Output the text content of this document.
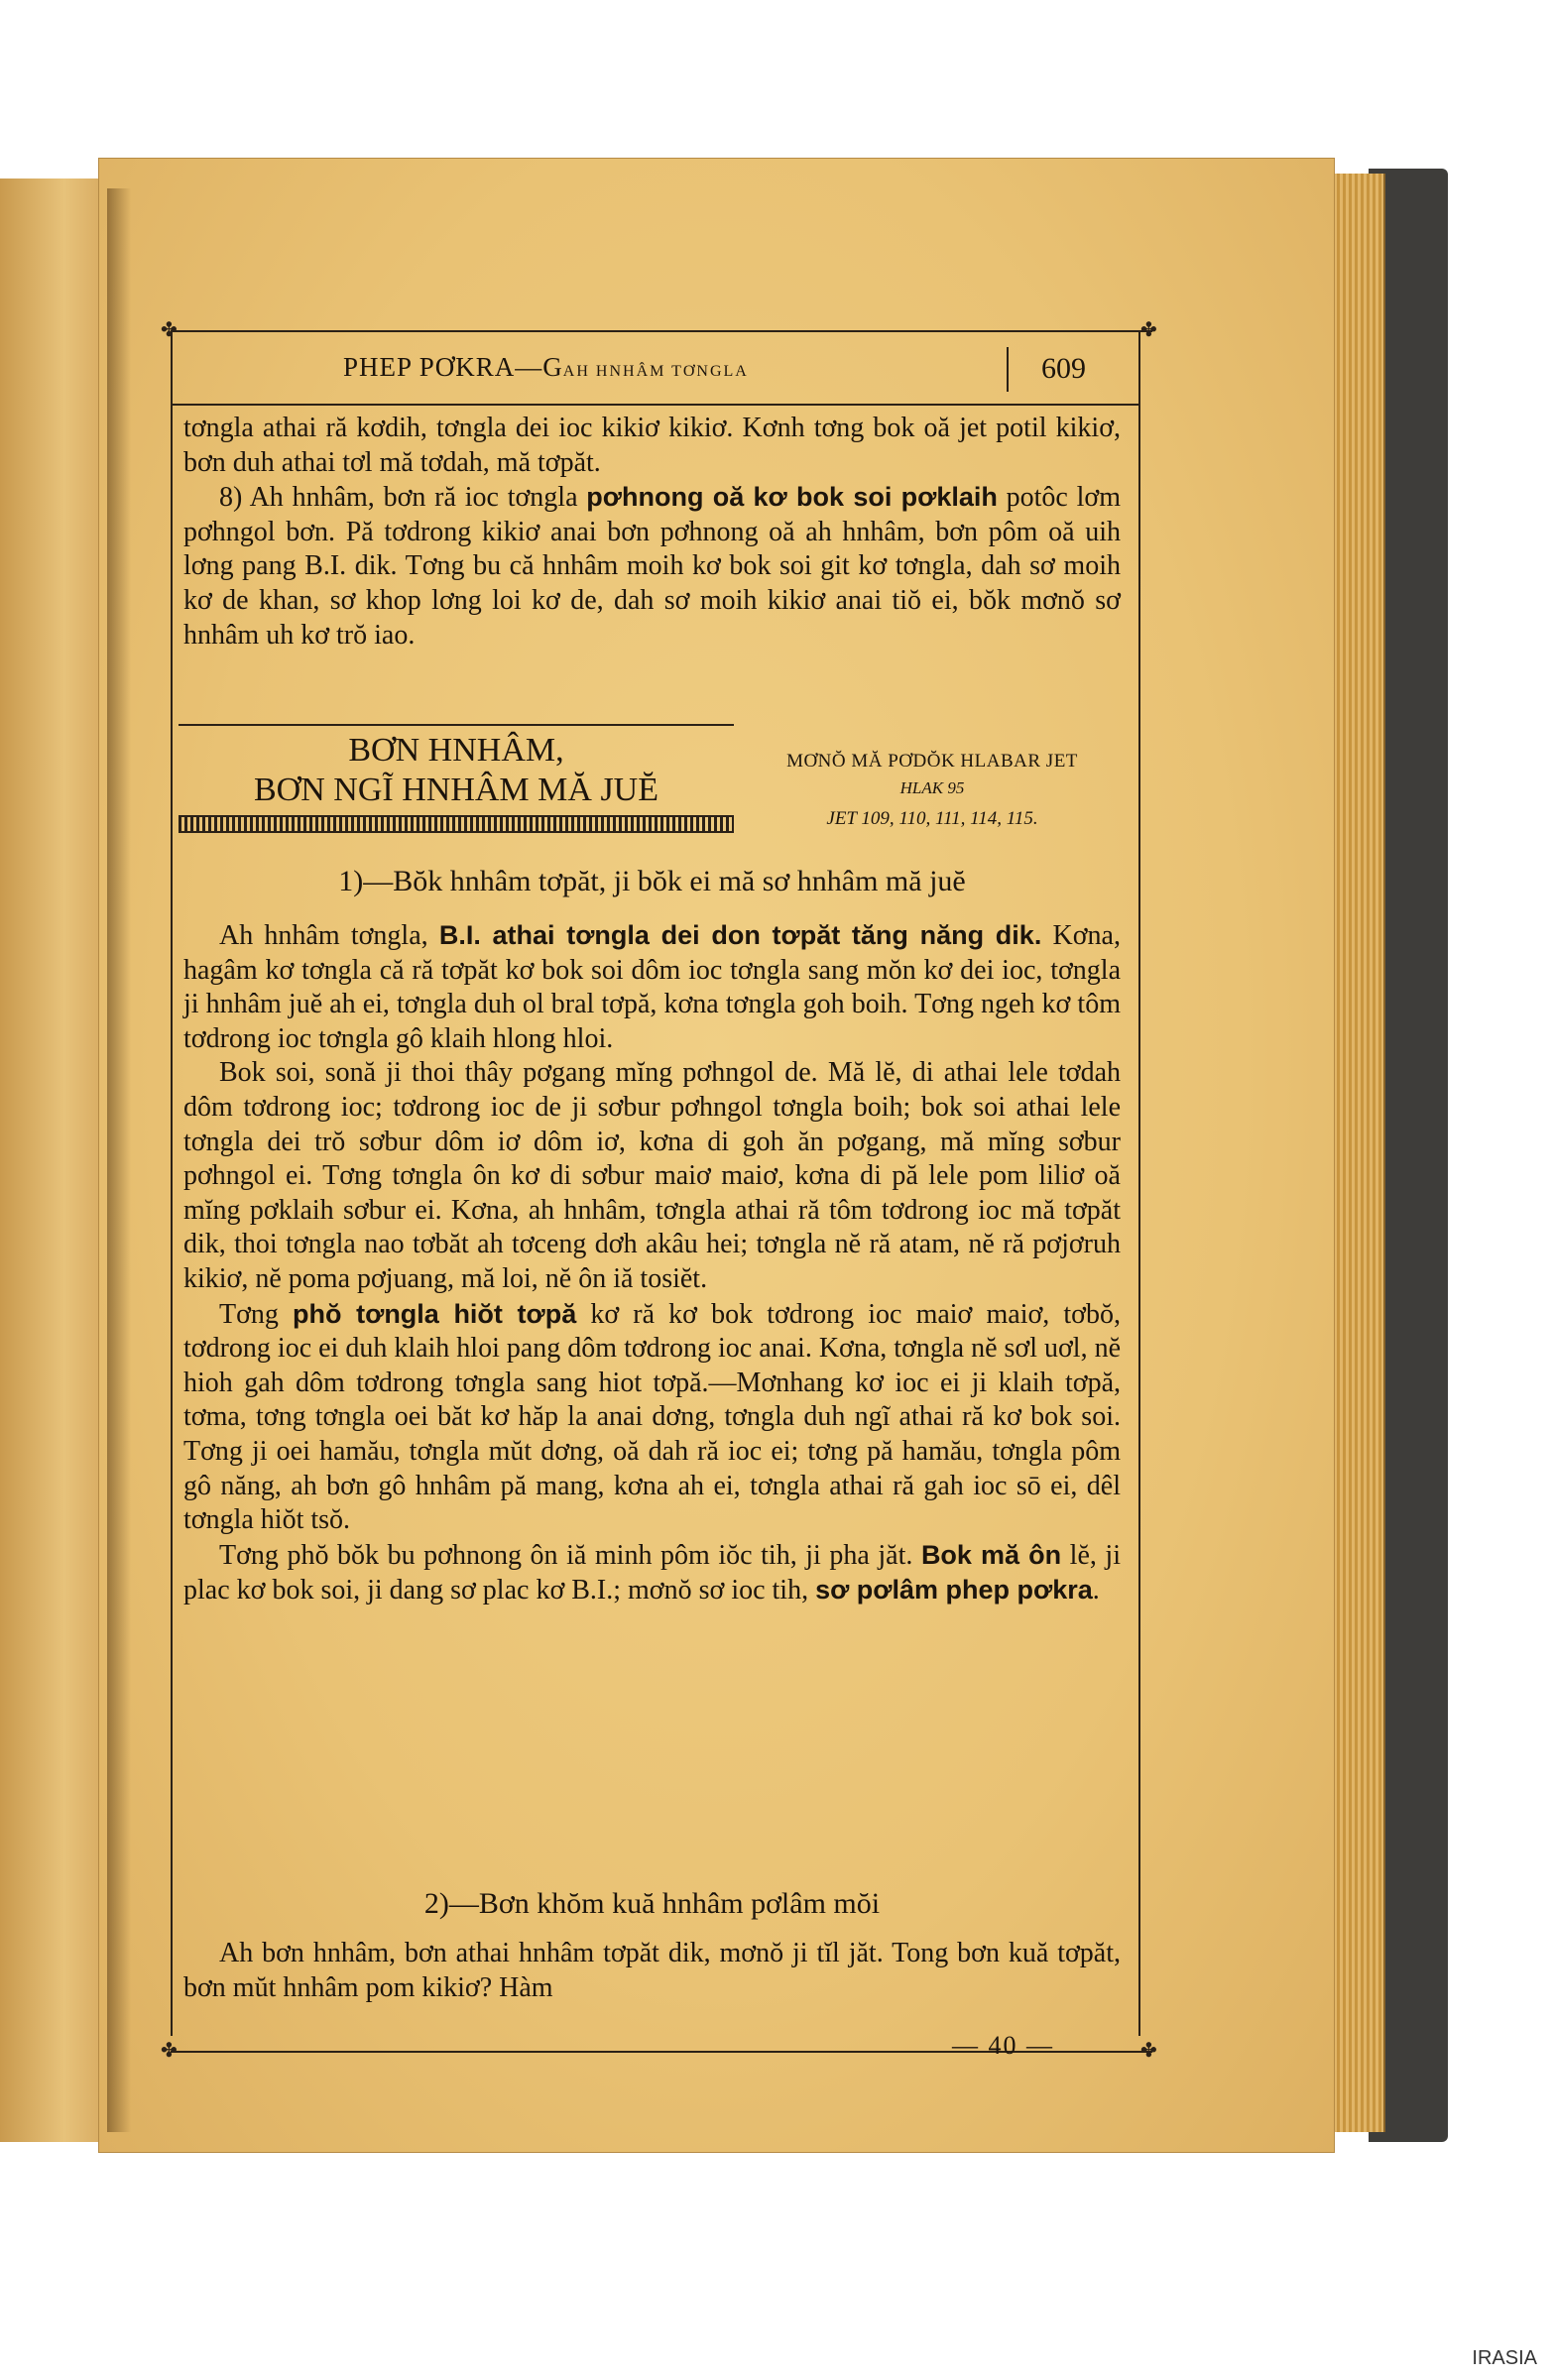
✤	✤
✤	✤
PHEP PƠKRA—GAH HNHÂM TƠNGLA	609

tơngla athai ră kơdih, tơngla dei ioc kikiơ kikiơ. Kơnh tơng bok oă jet potil kikiơ, bơn duh athai tơl mă tơdah, mă tơpăt.

8) Ah hnhâm, bơn ră ioc tơngla pơhnong oă kơ bok soi pơklaih potôc lơm pơhngol bơn. Pă tơdrong kikiơ anai bơn pơhnong oă ah hnhâm, bơn pôm oă uih lơng pang B.I. dik. Tơng bu că hnhâm moih kơ bok soi git kơ tơngla, dah sơ moih kơ de khan, sơ khop lơng loi kơ de, dah sơ moih kikiơ anai tiŏ ei, bŏk mơnŏ sơ hnhâm uh kơ trŏ iao.

BƠN HNHÂM,
BƠN NGĨ HNHÂM MĂ JUĔ
MƠNŎ MĂ PƠDŎK HLABAR JET
HLAK 95
JET 109, 110, 111, 114, 115.
1)—Bŏk hnhâm tơpăt, ji bŏk ei mă sơ hnhâm mă juĕ

Ah hnhâm tơngla, B.I. athai tơngla dei don tơpăt tăng năng dik. Kơna, hagâm kơ tơngla că ră tơpăt kơ bok soi dôm ioc tơngla sang mŏn kơ dei ioc, tơngla ji hnhâm juĕ ah ei, tơngla duh ol bral tơpă, kơna tơngla goh boih. Tơng ngeh kơ tôm tơdrong ioc tơngla gô klaih hlong hloi.

Bok soi, sonă ji thoi thây pơgang mĭng pơhngol de. Mă lĕ, di athai lele tơdah dôm tơdrong ioc; tơdrong ioc de ji sơbur pơhngol tơngla boih; bok soi athai lele tơngla dei trŏ sơbur dôm iơ dôm iơ, kơna di goh ăn pơgang, mă mĭng sơbur pơhngol ei. Tơng tơngla ôn kơ di sơbur maiơ maiơ, kơna di pă lele pom liliơ oă mĭng pơklaih sơbur ei. Kơna, ah hnhâm, tơngla athai ră tôm tơdrong ioc mă tơpăt dik, thoi tơngla nao tơbăt ah tơceng dơh akâu hei; tơngla nĕ ră atam, nĕ ră pơjơruh kikiơ, nĕ poma pơjuang, mă loi, nĕ ôn iă tosiĕt.

Tơng phŏ tơngla hiŏt tơpă kơ ră kơ bok tơdrong ioc maiơ maiơ, tơbŏ, tơdrong ioc ei duh klaih hloi pang dôm tơdrong ioc anai. Kơna, tơngla nĕ sơl uơl, nĕ hioh gah dôm tơdrong tơngla sang hiot tơpă.—Mơnhang kơ ioc ei ji klaih tơpă, tơma, tơng tơngla oei băt kơ hăp la anai dơng, tơngla duh ngĩ athai ră kơ bok soi. Tơng ji oei hamău, tơngla mŭt dơng, oă dah ră ioc ei; tơng pă hamău, tơngla pôm gô năng, ah bơn gô hnhâm pă mang, kơna ah ei, tơngla athai ră gah ioc sō ei, dêl tơngla hiŏt tsŏ.

Tơng phŏ bŏk bu pơhnong ôn iă minh pôm iŏc tih, ji pha jăt. Bok mă ôn lĕ, ji plac kơ bok soi, ji dang sơ plac kơ B.I.; mơnŏ sơ ioc tih, sơ pơlâm phep pơkra.

2)—Bơn khŏm kuă hnhâm pơlâm mŏi

Ah bơn hnhâm, bơn athai hnhâm tơpăt dik, mơnŏ ji tĭl jăt. Tong bơn kuă tơpăt, bơn mŭt hnhâm pom kikiơ? Hàm

— 40 —
IRASIA
